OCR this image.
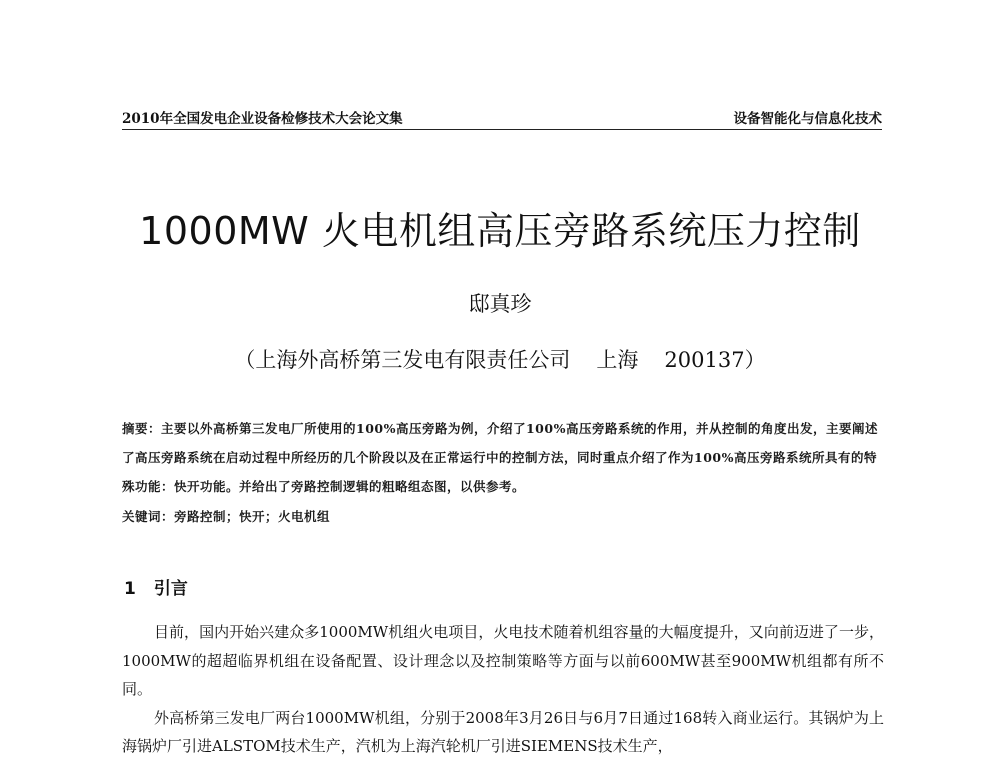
2010年全国发电企业设备检修技术大会论文集	设备智能化与信息化技术
1000MW 火电机组高压旁路系统压力控制
邸真珍
（上海外高桥第三发电有限责任公司 上海 200137）
摘要：主要以外高桥第三发电厂所使用的100%高压旁路为例，介绍了100%高压旁路系统的作用，并从控制的角度出发，主要阐述了高压旁路系统在启动过程中所经历的几个阶段以及在正常运行中的控制方法，同时重点介绍了作为100%高压旁路系统所具有的特殊功能：快开功能。并给出了旁路控制逻辑的粗略组态图，以供参考。
关键词：旁路控制；快开；火电机组
1 引言

目前，国内开始兴建众多1000MW机组火电项目，火电技术随着机组容量的大幅度提升，又向前迈进了一步，1000MW的超超临界机组在设备配置、设计理念以及控制策略等方面与以前600MW甚至900MW机组都有所不同。

外高桥第三发电厂两台1000MW机组，分别于2008年3月26日与6月7日通过168转入商业运行。其锅炉为上海锅炉厂引进ALSTOM技术生产，汽机为上海汽轮机厂引进SIEMENS技术生产，
